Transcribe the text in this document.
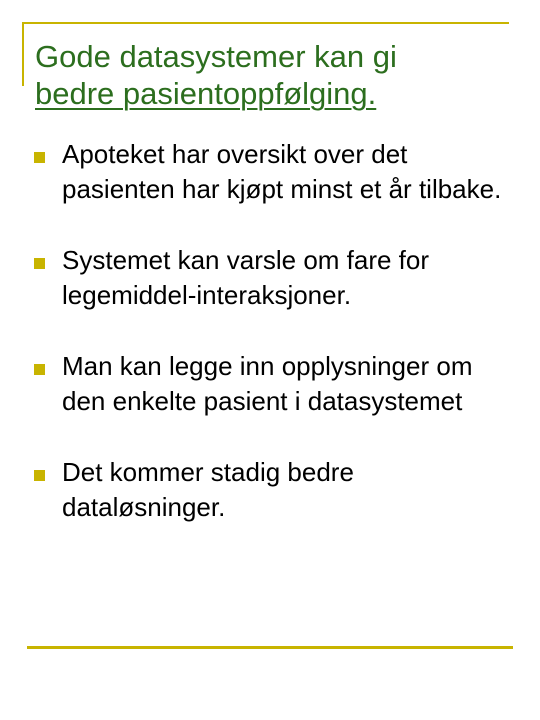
Gode datasystemer kan gi
bedre pasientoppfølging.
Apoteket har oversikt over det pasienten har kjøpt minst et år tilbake.
Systemet kan varsle om fare for legemiddel-interaksjoner.
Man kan legge inn opplysninger om den enkelte pasient i datasystemet
Det kommer stadig bedre dataløsninger.
